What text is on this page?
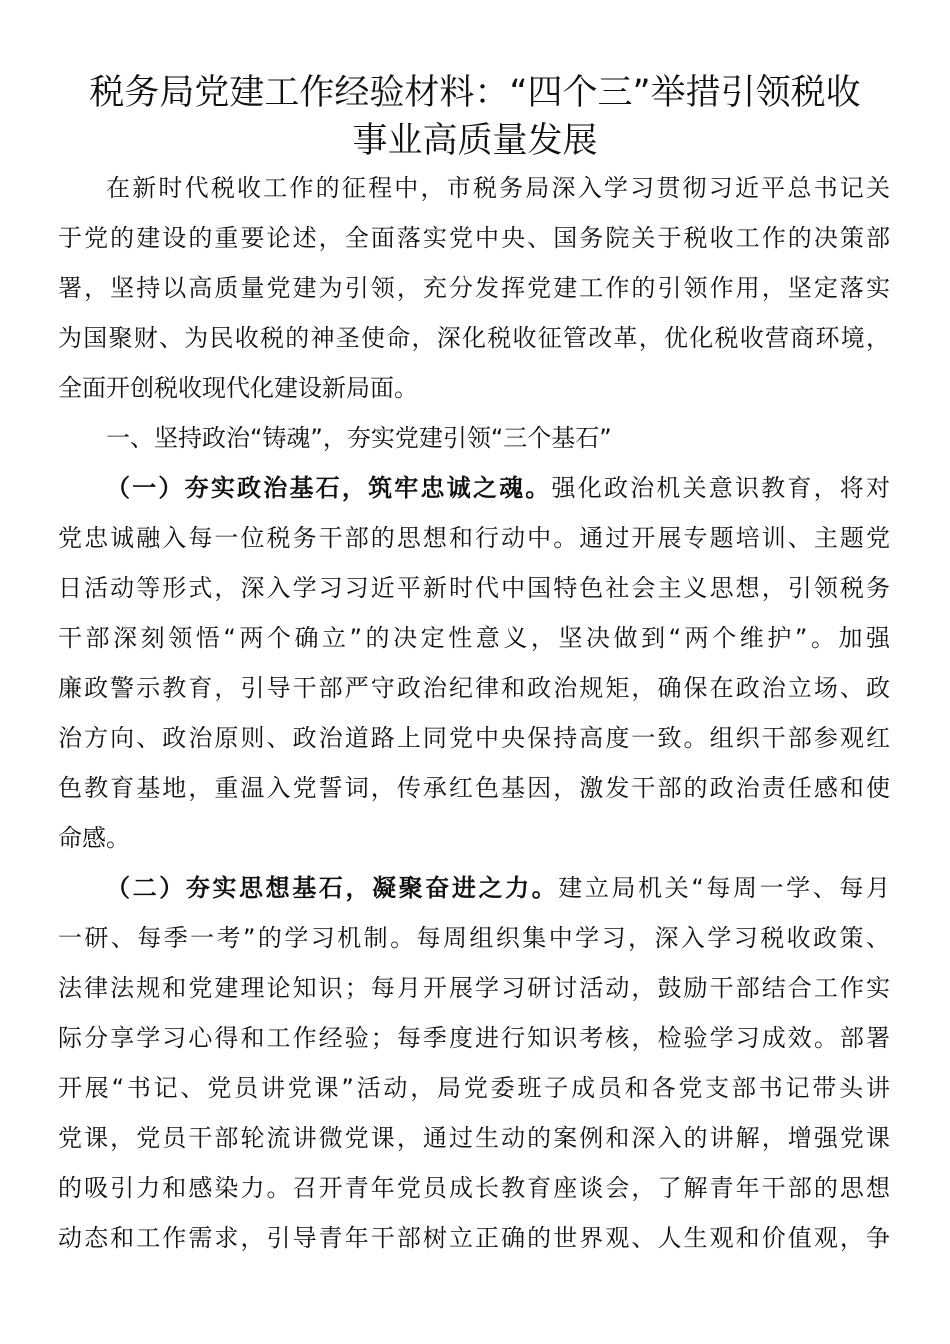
税务局党建工作经验材料：“四个三”举措引领税收
事业高质量发展
在新时代税收工作的征程中，市税务局深入学习贯彻习近平总书记关
于党的建设的重要论述，全面落实党中央、国务院关于税收工作的决策部
署，坚持以高质量党建为引领，充分发挥党建工作的引领作用，坚定落实
为国聚财、为民收税的神圣使命，深化税收征管改革，优化税收营商环境，
全面开创税收现代化建设新局面。
一、坚持政治“铸魂”，夯实党建引领“三个基石”
（一）夯实政治基石，筑牢忠诚之魂。强化政治机关意识教育，将对
党忠诚融入每一位税务干部的思想和行动中。通过开展专题培训、主题党
日活动等形式，深入学习习近平新时代中国特色社会主义思想，引领税务
干部深刻领悟“两个确立”的决定性意义，坚决做到“两个维护”。加强
廉政警示教育，引导干部严守政治纪律和政治规矩，确保在政治立场、政
治方向、政治原则、政治道路上同党中央保持高度一致。组织干部参观红
色教育基地，重温入党誓词，传承红色基因，激发干部的政治责任感和使
命感。
（二）夯实思想基石，凝聚奋进之力。建立局机关“每周一学、每月
一研、每季一考”的学习机制。每周组织集中学习，深入学习税收政策、
法律法规和党建理论知识；每月开展学习研讨活动，鼓励干部结合工作实
际分享学习心得和工作经验；每季度进行知识考核，检验学习成效。部署
开展“书记、党员讲党课”活动，局党委班子成员和各党支部书记带头讲
党课，党员干部轮流讲微党课，通过生动的案例和深入的讲解，增强党课
的吸引力和感染力。召开青年党员成长教育座谈会，了解青年干部的思想
动态和工作需求，引导青年干部树立正确的世界观、人生观和价值观，争
